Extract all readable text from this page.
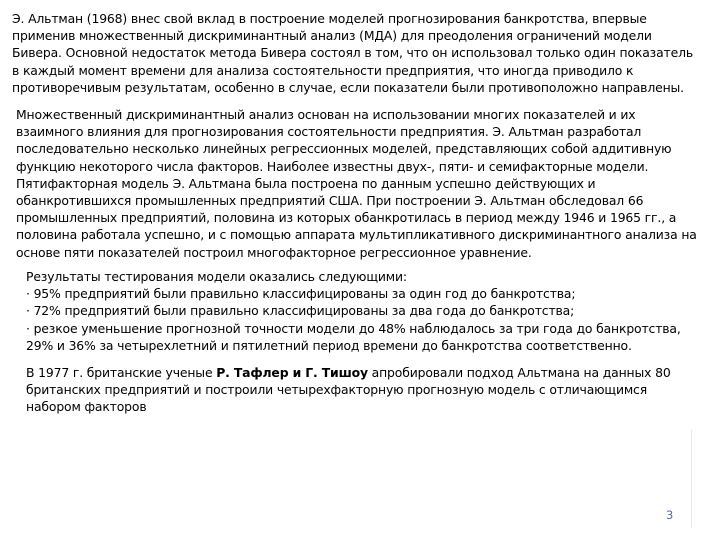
Э. Альтман (1968) внес свой вклад в построение моделей прогнозирования банкротства, впервые
применив множественный дискриминантный анализ (МДА) для преодоления ограничений модели
Бивера. Основной недостаток метода Бивера состоял в том, что он использовал только один показатель
в каждый момент времени для анализа состоятельности предприятия, что иногда приводило к
противоречивым результатам, особенно в случае, если показатели были противоположно направлены.

Множественный дискриминантный анализ основан на использовании многих показателей и их
взаимного влияния для прогнозирования состоятельности предприятия. Э. Альтман разработал
последовательно несколько линейных регрессионных моделей, представляющих собой аддитивную
функцию некоторого числа факторов. Наиболее известны двух-, пяти- и семифакторные модели.
Пятифакторная модель Э. Альтмана была построена по данным успешно действующих и
обанкротившихся промышленных предприятий США. При построении Э. Альтман обследовал 66
промышленных предприятий, половина из которых обанкротилась в период между 1946 и 1965 гг., а
половина работала успешно, и с помощью аппарата мультипликативного дискриминантного анализа на
основе пяти показателей построил многофакторное регрессионное уравнение.

Результаты тестирования модели оказались следующими:
· 95% предприятий были правильно классифицированы за один год до банкротства;
· 72% предприятий были правильно классифицированы за два года до банкротства;
· резкое уменьшение прогнозной точности модели до 48% наблюдалось за три года до банкротства,
29% и 36% за четырехлетний и пятилетний период времени до банкротства соответственно.

В 1977 г. британские ученые Р. Тафлер и Г. Тишоу апробировали подход Альтмана на данных 80
британских предприятий и построили четырехфакторную прогнозную модель с отличающимся
набором факторов

3
